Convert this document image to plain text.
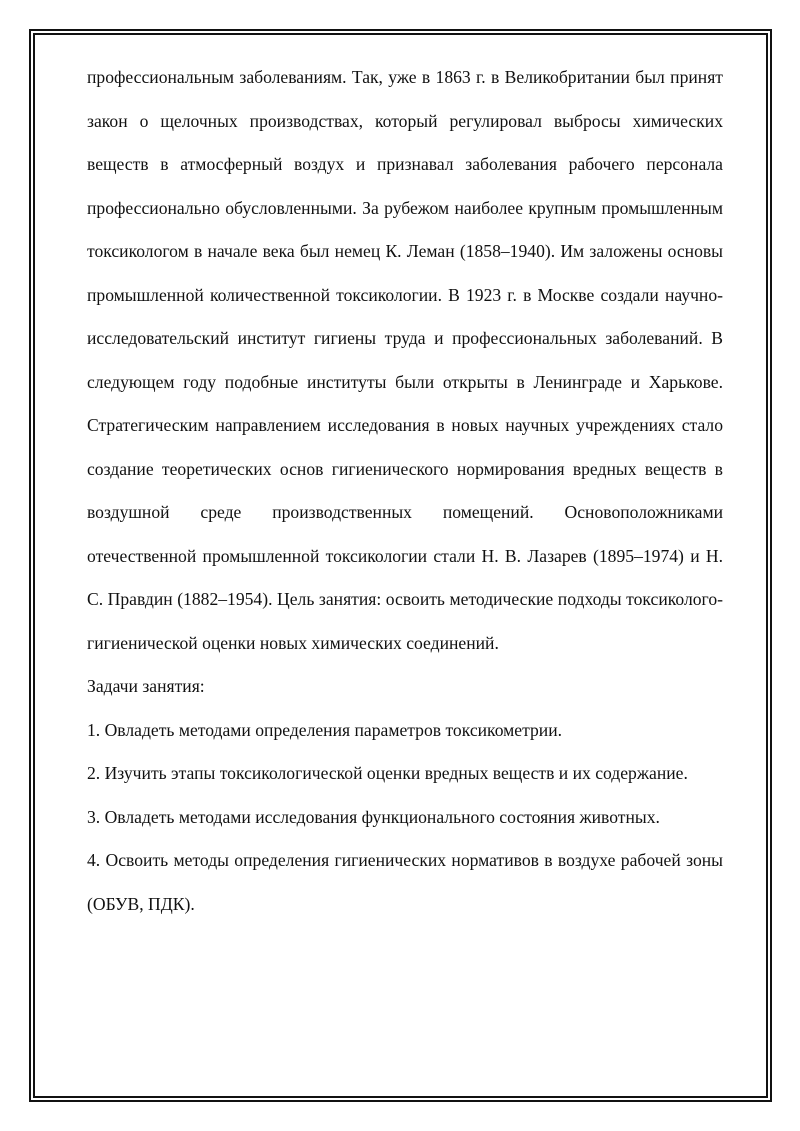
профессиональным заболеваниям. Так, уже в 1863 г. в Великобритании был принят закон о щелочных производствах, который регулировал выбросы химических веществ в атмосферный воздух и признавал заболевания рабочего персонала профессионально обусловленными. За рубежом наиболее крупным промышленным токсикологом в начале века был немец К. Леман (1858–1940). Им заложены основы промышленной количественной токсикологии. В 1923 г. в Москве создали научно-исследовательский институт гигиены труда и профессиональных заболеваний. В следующем году подобные институты были открыты в Ленинграде и Харькове. Стратегическим направлением исследования в новых научных учреждениях стало создание теоретических основ гигиенического нормирования вредных веществ в воздушной среде производственных помещений. Основоположниками отечественной промышленной токсикологии стали Н. В. Лазарев (1895–1974) и Н. С. Правдин (1882–1954). Цель занятия: освоить методические подходы токсиколого-гигиенической оценки новых химических соединений.

Задачи занятия:

1. Овладеть методами определения параметров токсикометрии.

2. Изучить этапы токсикологической оценки вредных веществ и их содержание.

3. Овладеть методами исследования функционального состояния животных.

4. Освоить методы определения гигиенических нормативов в воздухе рабочей зоны (ОБУВ, ПДК).
